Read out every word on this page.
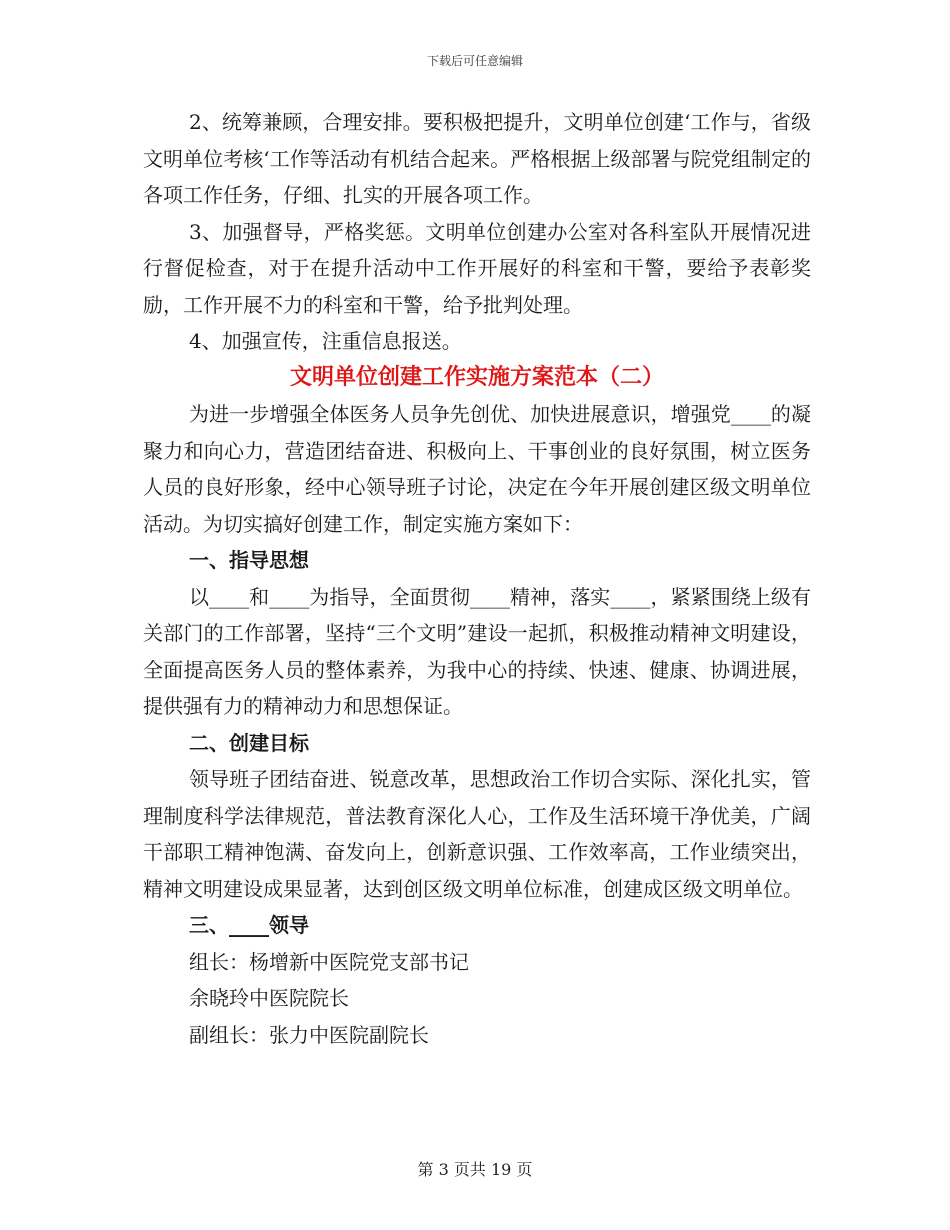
下载后可任意编辑

2、统筹兼顾，合理安排。要积极把提升，文明单位创建‘工作与，省级文明单位考核‘工作等活动有机结合起来。严格根据上级部署与院党组制定的各项工作任务，仔细、扎实的开展各项工作。

3、加强督导，严格奖惩。文明单位创建办公室对各科室队开展情况进行督促检查，对于在提升活动中工作开展好的科室和干警，要给予表彰奖励，工作开展不力的科室和干警，给予批判处理。

4、加强宣传，注重信息报送。

文明单位创建工作实施方案范本（二）

为进一步增强全体医务人员争先创优、加快进展意识，增强党____的凝聚力和向心力，营造团结奋进、积极向上、干事创业的良好氛围，树立医务人员的良好形象，经中心领导班子讨论，决定在今年开展创建区级文明单位活动。为切实搞好创建工作，制定实施方案如下：

一、指导思想

以____和____为指导，全面贯彻____精神，落实____，紧紧围绕上级有关部门的工作部署，坚持“三个文明”建设一起抓，积极推动精神文明建设，全面提高医务人员的整体素养，为我中心的持续、快速、健康、协调进展，提供强有力的精神动力和思想保证。

二、创建目标

领导班子团结奋进、锐意改革，思想政治工作切合实际、深化扎实，管理制度科学法律规范，普法教育深化人心，工作及生活环境干净优美，广阔干部职工精神饱满、奋发向上，创新意识强、工作效率高，工作业绩突出，精神文明建设成果显著，达到创区级文明单位标准，创建成区级文明单位。

三、____领导

组长：杨增新中医院党支部书记

余晓玲中医院院长

副组长：张力中医院副院长

第 3 页共 19 页
